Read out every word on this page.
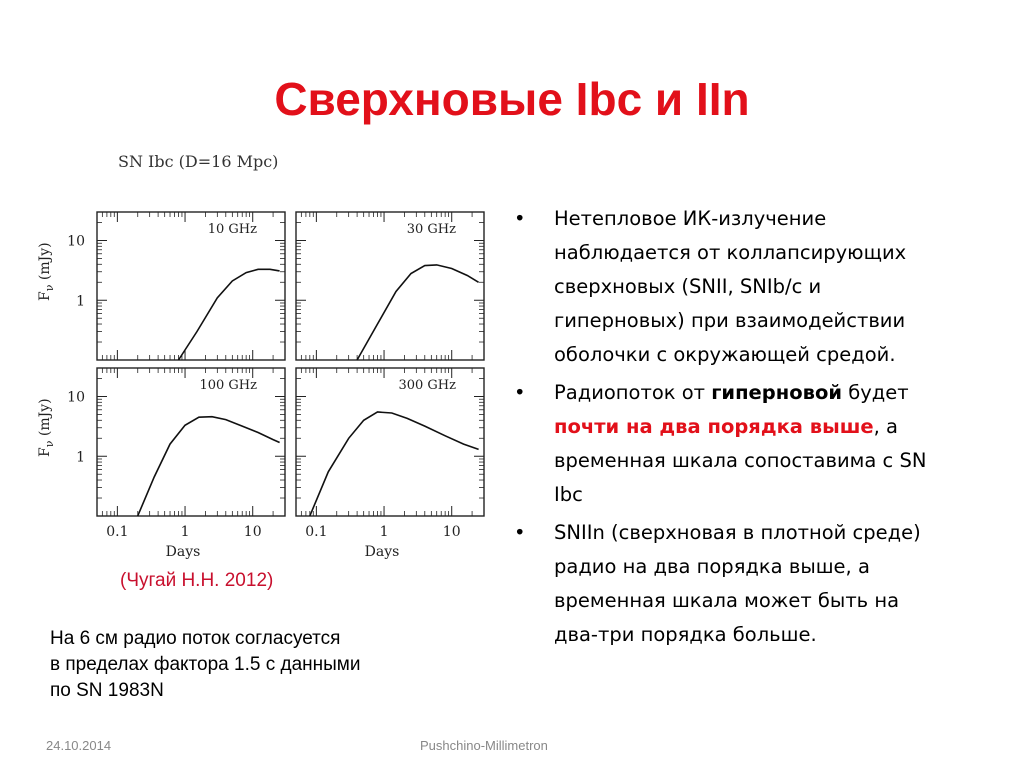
Сверхновые Ibc и IIn
SN Ibc (D=16 Mpc)
10 GHz
10
1
$F_\nu$ (mJy)
30 GHz
100 GHz
10
1
$F_\nu$ (mJy)
0.1	1	10
Days
300 GHz
0.1	1	10
Days
(Чугай Н.Н. 2012)
На 6 см радио поток согласуется
в пределах фактора 1.5 с данными
по SN 1983N
• Нетепловое ИК-излучение наблюдается от коллапсирующих сверхновых (SNII, SNIb/c и гиперновых) при взаимодействии оболочки с окружающей средой.
• Радиопоток от гиперновой будет  почти на два порядка выше, а временная шкала сопоставима с SN Ibc
• SNIIn (сверхновая в плотной среде) радио на два порядка выше, а временная шкала может быть на два-три порядка больше.
24.10.2014	Pushchino-Millimetron
